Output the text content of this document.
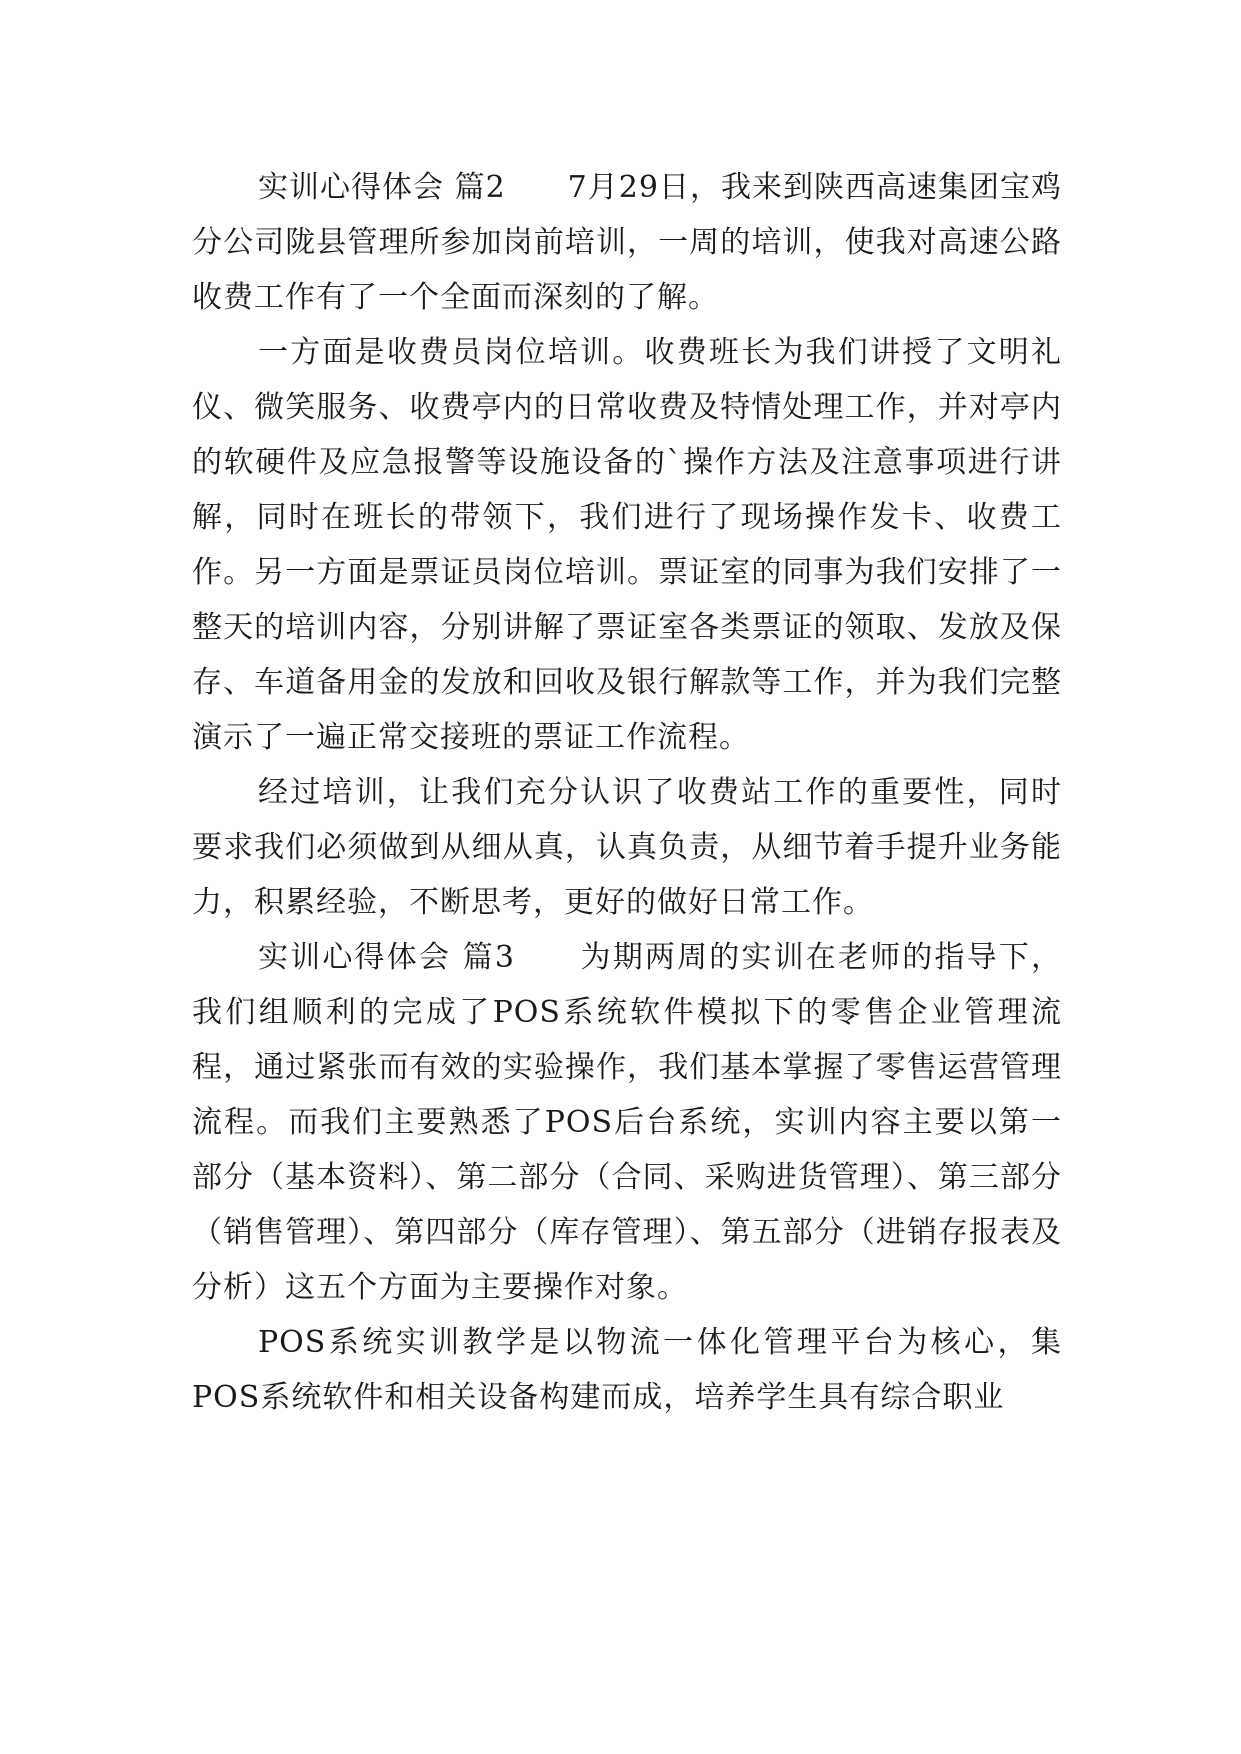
实训心得体会 篇2　　7月29日，我来到陕西高速集团宝鸡分公司陇县管理所参加岗前培训，一周的培训，使我对高速公路收费工作有了一个全面而深刻的了解。

一方面是收费员岗位培训。收费班长为我们讲授了文明礼仪、微笑服务、收费亭内的日常收费及特情处理工作，并对亭内的软硬件及应急报警等设施设备的`操作方法及注意事项进行讲解，同时在班长的带领下，我们进行了现场操作发卡、收费工作。另一方面是票证员岗位培训。票证室的同事为我们安排了一整天的培训内容，分别讲解了票证室各类票证的领取、发放及保存、车道备用金的发放和回收及银行解款等工作，并为我们完整演示了一遍正常交接班的票证工作流程。

经过培训，让我们充分认识了收费站工作的重要性，同时要求我们必须做到从细从真，认真负责，从细节着手提升业务能力，积累经验，不断思考，更好的做好日常工作。

实训心得体会 篇3　　为期两周的实训在老师的指导下，我们组顺利的完成了POS系统软件模拟下的零售企业管理流程，通过紧张而有效的实验操作，我们基本掌握了零售运营管理流程。而我们主要熟悉了POS后台系统，实训内容主要以第一部分（基本资料）、第二部分（合同、采购进货管理）、第三部分（销售管理）、第四部分（库存管理）、第五部分（进销存报表及分析）这五个方面为主要操作对象。

POS系统实训教学是以物流一体化管理平台为核心，集POS系统软件和相关设备构建而成，培养学生具有综合职业
